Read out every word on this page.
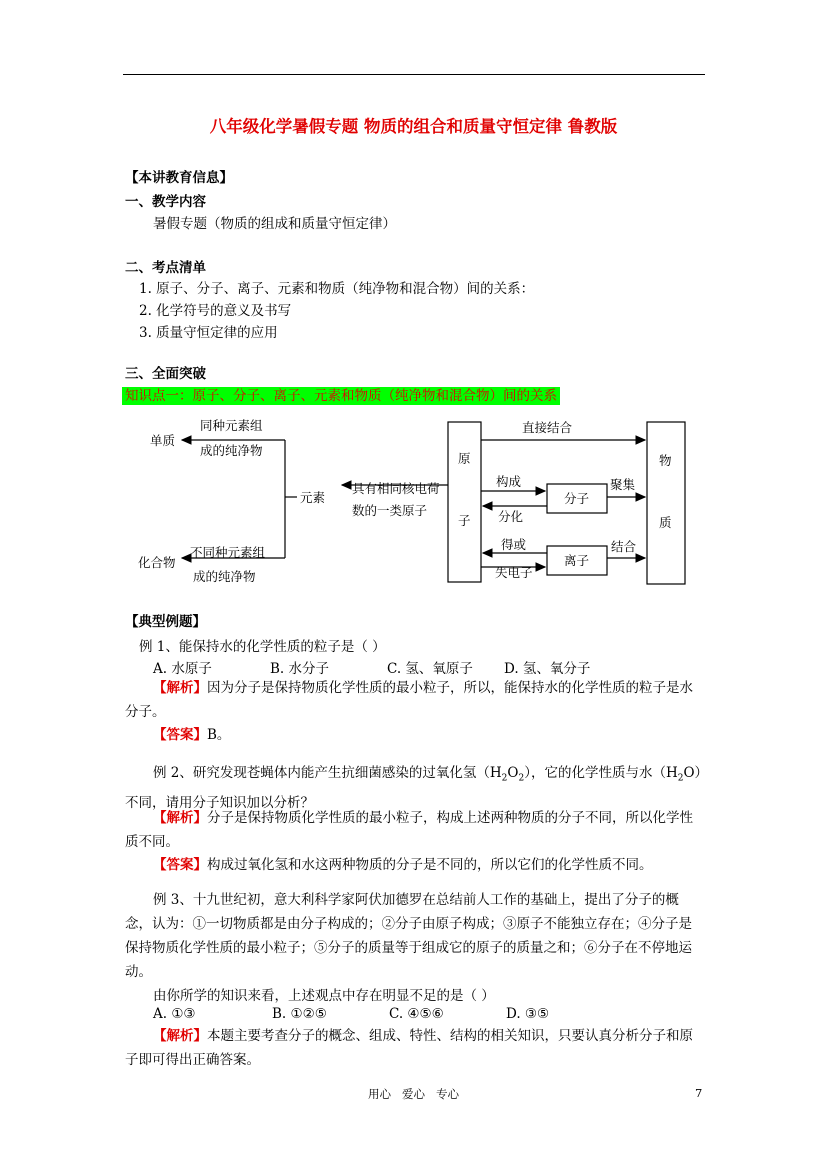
八年级化学暑假专题 物质的组合和质量守恒定律 鲁教版
【本讲教育信息】
一、教学内容
暑假专题（物质的组成和质量守恒定律）
二、考点清单
1. 原子、分子、离子、元素和物质（纯净物和混合物）间的关系：
2. 化学符号的意义及书写
3. 质量守恒定律的应用
三、全面突破
知识点一：原子、分子、离子、元素和物质（纯净物和混合物）间的关系
单质
同种元素组
成的纯净物
化合物
不同种元素组
成的纯净物
元素
具有相同核电荷
数的一类原子
原
子
物
质
分子
离子
直接结合
构成
分化
聚集
得或
失电子
结合
【典型例题】
例 1、能保持水的化学性质的粒子是（ ）
A. 水原子	B. 水分子	C. 氢、氧原子 D. 氢、氧分子
【解析】因为分子是保持物质化学性质的最小粒子，所以，能保持水的化学性质的粒子是水分子。
【答案】B。
例 2、研究发现苍蝇体内能产生抗细菌感染的过氧化氢$(H_2O_2)$，它的化学性质与水$(H_2O)$不同，请用分子知识加以分析？
【解析】分子是保持物质化学性质的最小粒子，构成上述两种物质的分子不同，所以化学性质不同。
【答案】构成过氧化氢和水这两种物质的分子是不同的，所以它们的化学性质不同。
例 3、十九世纪初，意大利科学家阿伏加德罗在总结前人工作的基础上，提出了分子的概念，认为：①一切物质都是由分子构成的；②分子由原子构成；③原子不能独立存在；④分子是保持物质化学性质的最小粒子；⑤分子的质量等于组成它的原子的质量之和；⑥分子在不停地运动。
由你所学的知识来看，上述观点中存在明显不足的是（ ）
A. ①③	B. ①②⑤	C. ④⑤⑥	D. ③⑤
【解析】本题主要考查分子的概念、组成、特性、结构的相关知识，只要认真分析分子和原子即可得出正确答案。
用心   爱心   专心	7
